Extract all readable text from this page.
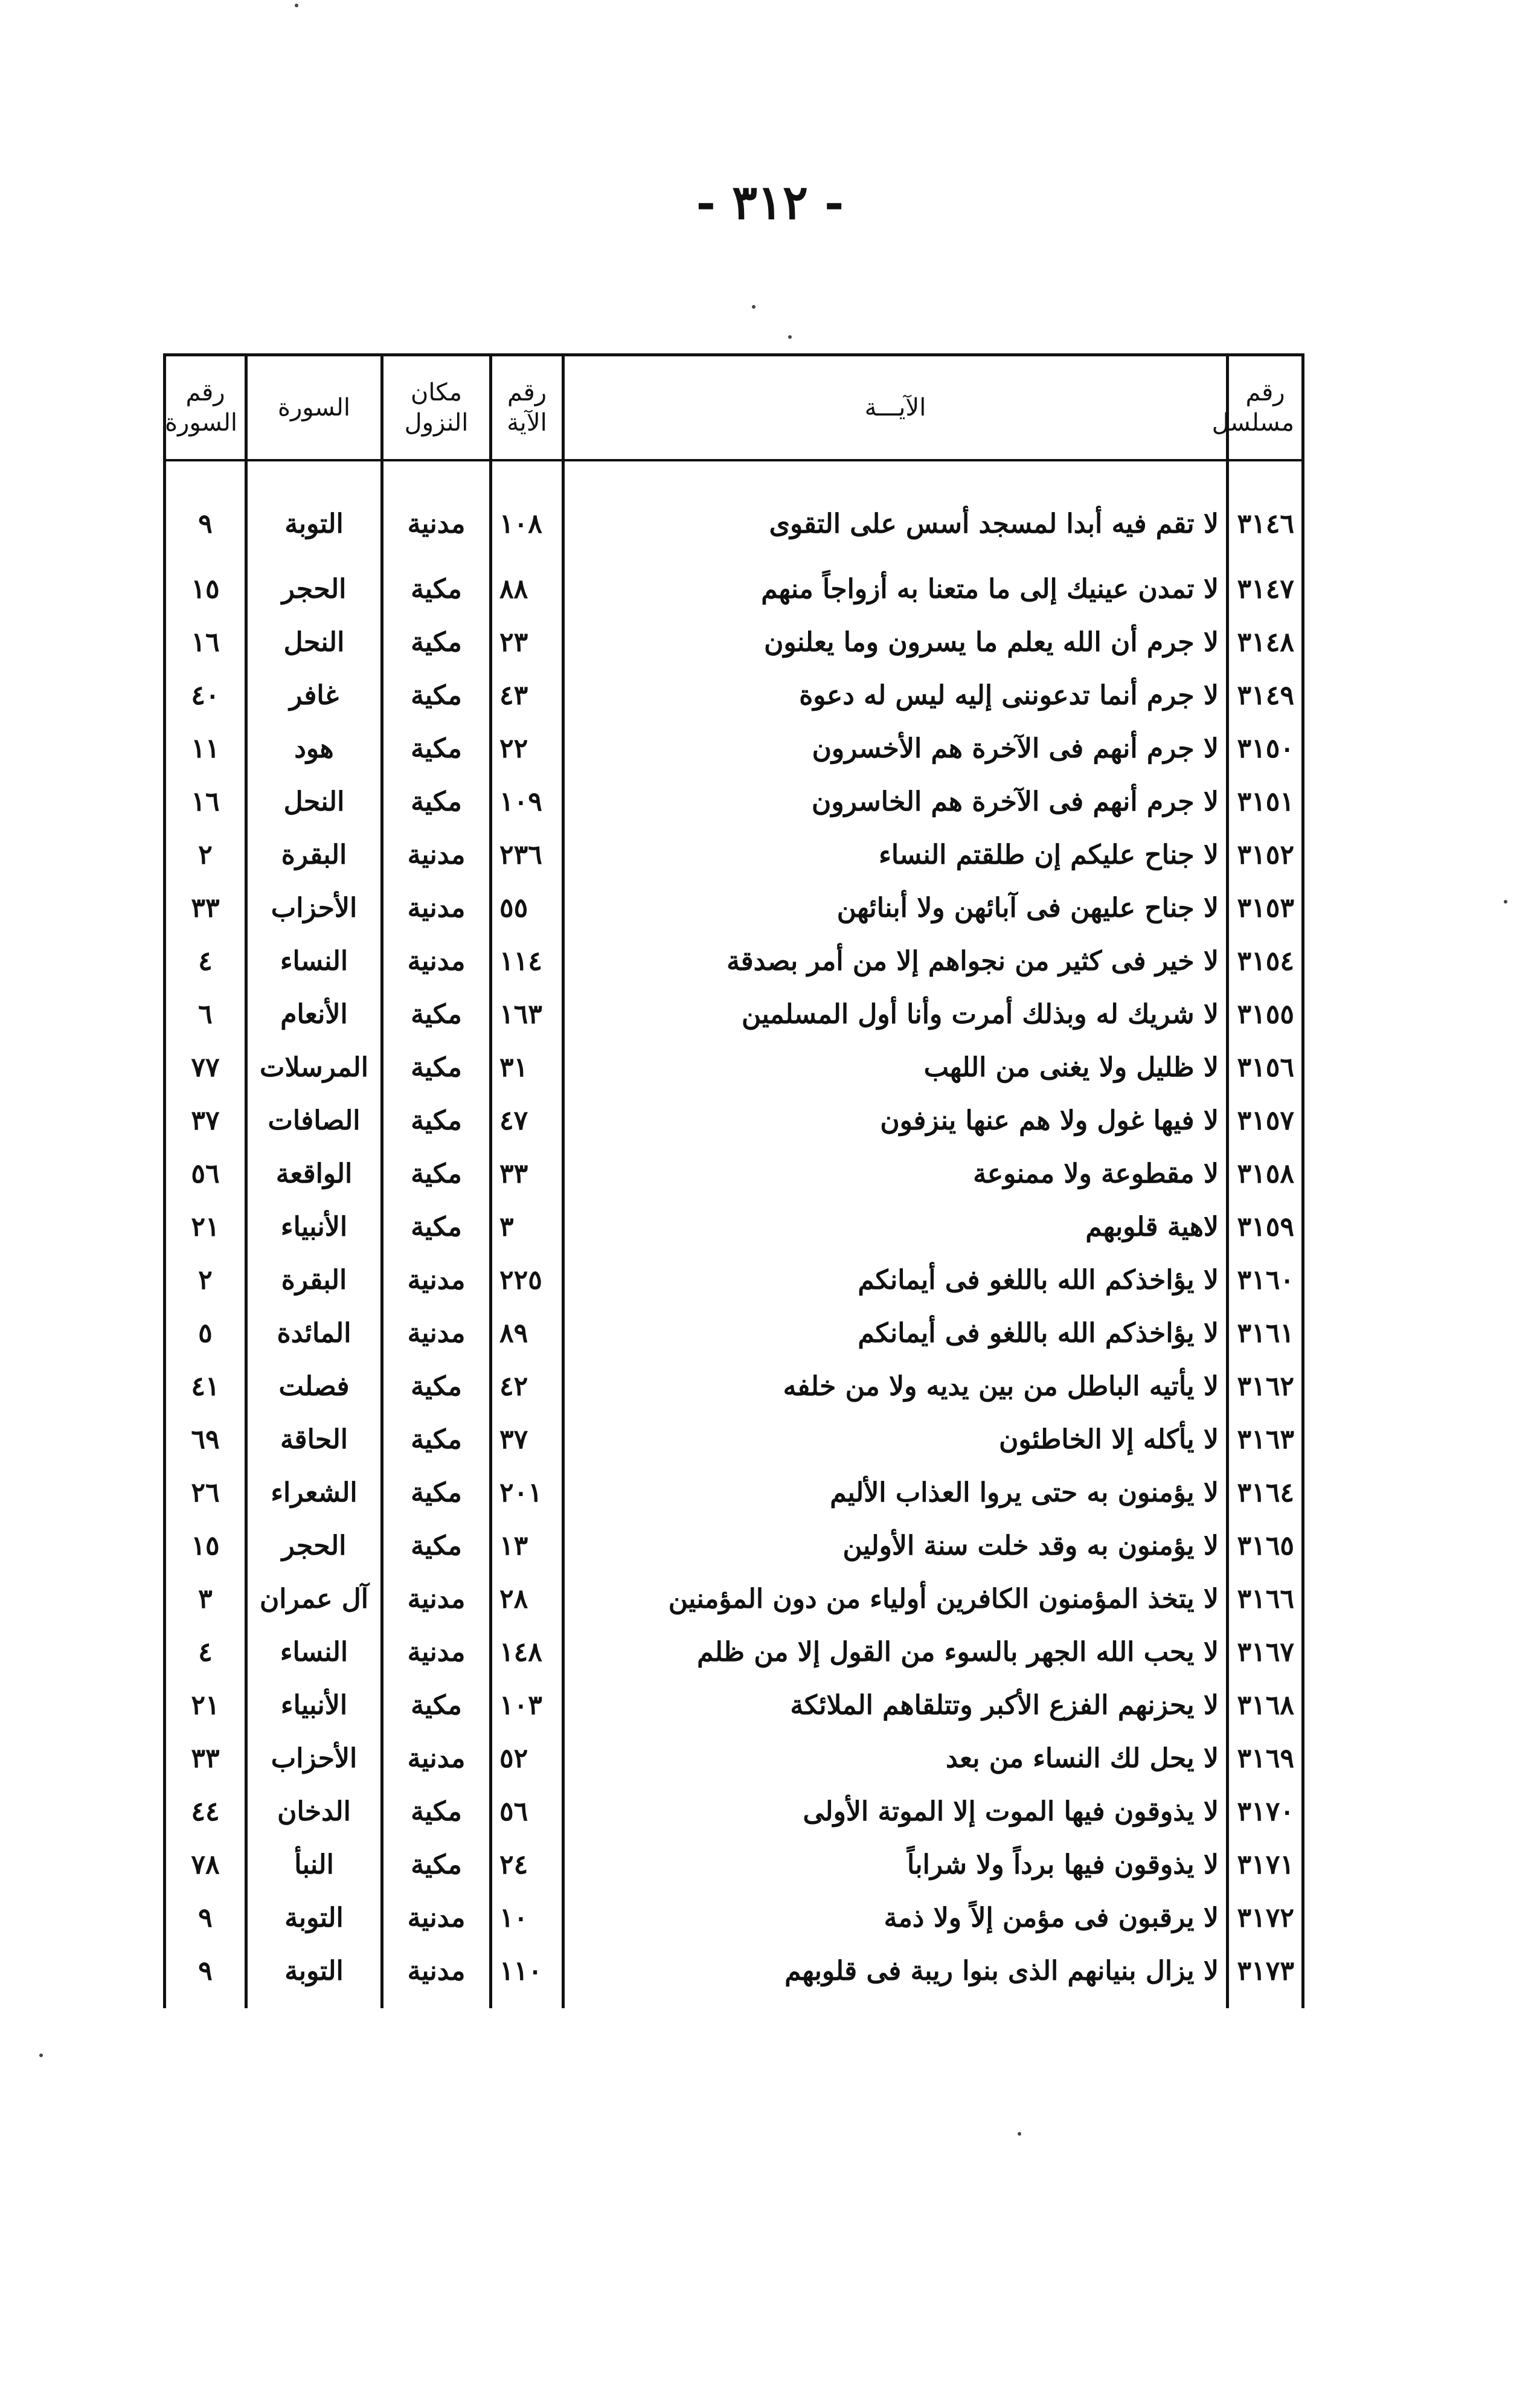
- ٣١٢ -
رقم مسلسل	الآيـــة	رقم الآية	مكان النزول	السورة	رقم السورة
٣١٤٦	لا تقم فيه أبدا لمسجد أسس على التقوى	١٠٨	مدنية	التوبة	٩
٣١٤٧	لا تمدن عينيك إلى ما متعنا به أزواجاً منهم	٨٨	مكية	الحجر	١٥
٣١٤٨	لا جرم أن الله يعلم ما يسرون وما يعلنون	٢٣	مكية	النحل	١٦
٣١٤٩	لا جرم أنما تدعوننى إليه ليس له دعوة	٤٣	مكية	غافر	٤٠
٣١٥٠	لا جرم أنهم فى الآخرة هم الأخسرون	٢٢	مكية	هود	١١
٣١٥١	لا جرم أنهم فى الآخرة هم الخاسرون	١٠٩	مكية	النحل	١٦
٣١٥٢	لا جناح عليكم إن طلقتم النساء	٢٣٦	مدنية	البقرة	٢
٣١٥٣	لا جناح عليهن فى آبائهن ولا أبنائهن	٥٥	مدنية	الأحزاب	٣٣
٣١٥٤	لا خير فى كثير من نجواهم إلا من أمر بصدقة	١١٤	مدنية	النساء	٤
٣١٥٥	لا شريك له وبذلك أمرت وأنا أول المسلمين	١٦٣	مكية	الأنعام	٦
٣١٥٦	لا ظليل ولا يغنى من اللهب	٣١	مكية	المرسلات	٧٧
٣١٥٧	لا فيها غول ولا هم عنها ينزفون	٤٧	مكية	الصافات	٣٧
٣١٥٨	لا مقطوعة ولا ممنوعة	٣٣	مكية	الواقعة	٥٦
٣١٥٩	لاهية قلوبهم	٣	مكية	الأنبياء	٢١
٣١٦٠	لا يؤاخذكم الله باللغو فى أيمانكم	٢٢٥	مدنية	البقرة	٢
٣١٦١	لا يؤاخذكم الله باللغو فى أيمانكم	٨٩	مدنية	المائدة	٥
٣١٦٢	لا يأتيه الباطل من بين يديه ولا من خلفه	٤٢	مكية	فصلت	٤١
٣١٦٣	لا يأكله إلا الخاطئون	٣٧	مكية	الحاقة	٦٩
٣١٦٤	لا يؤمنون به حتى يروا العذاب الأليم	٢٠١	مكية	الشعراء	٢٦
٣١٦٥	لا يؤمنون به وقد خلت سنة الأولين	١٣	مكية	الحجر	١٥
٣١٦٦	لا يتخذ المؤمنون الكافرين أولياء من دون المؤمنين	٢٨	مدنية	آل عمران	٣
٣١٦٧	لا يحب الله الجهر بالسوء من القول إلا من ظلم	١٤٨	مدنية	النساء	٤
٣١٦٨	لا يحزنهم الفزع الأكبر وتتلقاهم الملائكة	١٠٣	مكية	الأنبياء	٢١
٣١٦٩	لا يحل لك النساء من بعد	٥٢	مدنية	الأحزاب	٣٣
٣١٧٠	لا يذوقون فيها الموت إلا الموتة الأولى	٥٦	مكية	الدخان	٤٤
٣١٧١	لا يذوقون فيها برداً ولا شراباً	٢٤	مكية	النبأ	٧٨
٣١٧٢	لا يرقبون فى مؤمن إلاً ولا ذمة	١٠	مدنية	التوبة	٩
٣١٧٣	لا يزال بنيانهم الذى بنوا ريبة فى قلوبهم	١١٠	مدنية	التوبة	٩
